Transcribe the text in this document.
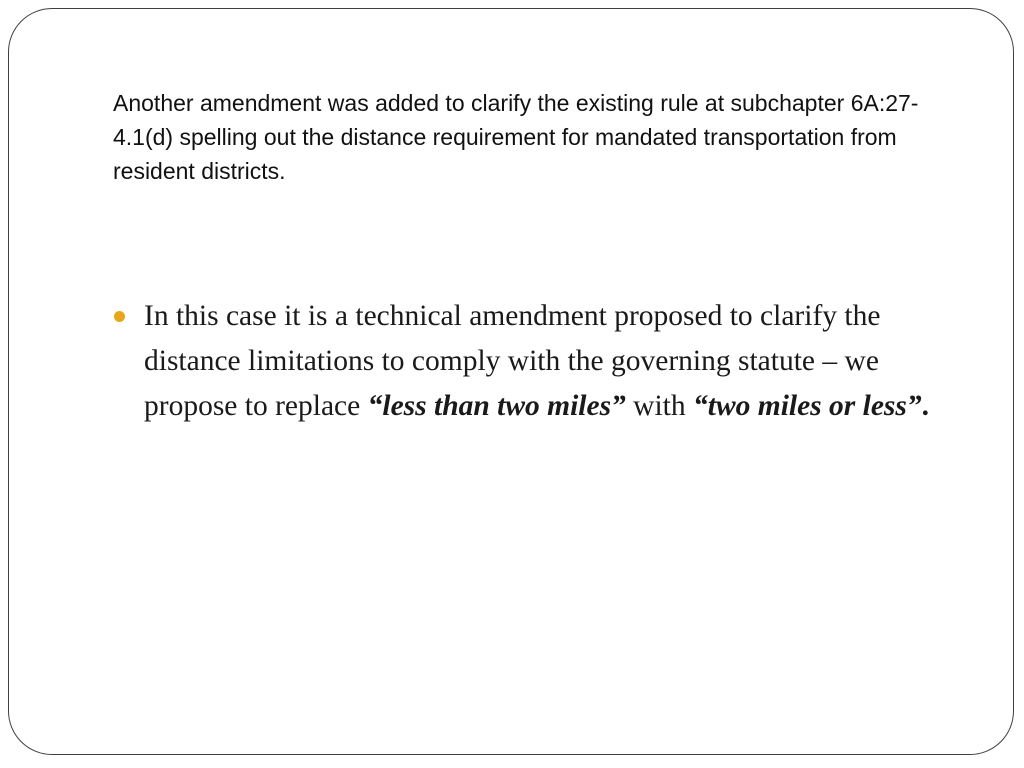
Another amendment was added to clarify the existing rule at subchapter 6A:27-4.1(d) spelling out the distance requirement for mandated transportation from resident districts.

In this case it is a technical amendment proposed to clarify the distance limitations to comply with the governing statute – we propose to replace “less than two miles” with “two miles or less”.
